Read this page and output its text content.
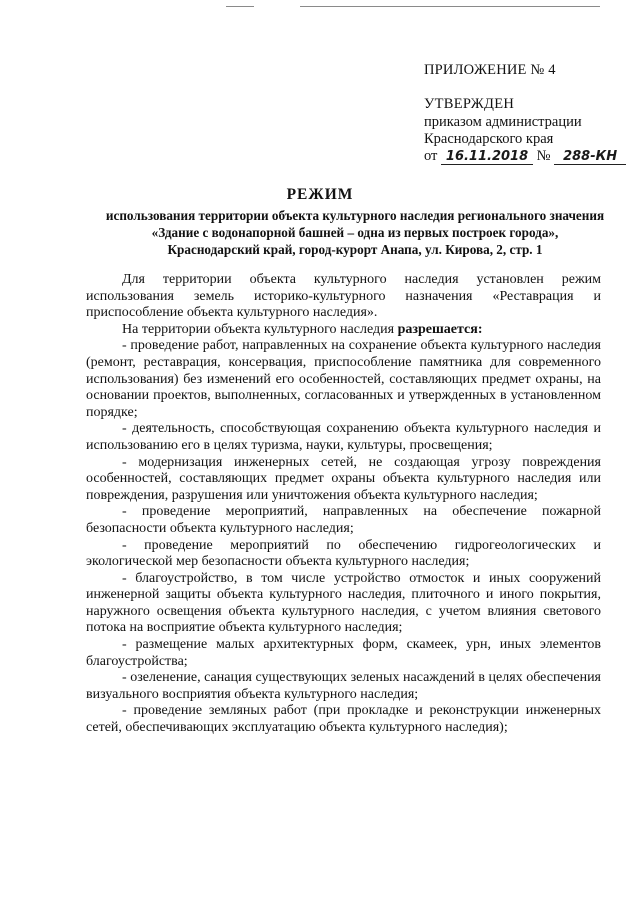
ПРИЛОЖЕНИЕ № 4
УТВЕРЖДЕН
приказом администрации
Краснодарского края
от 16.11.2018 № 288-КН
РЕЖИМ
использования территории объекта культурного наследия регионального значения «Здание с водонапорной башней – одна из первых построек города», Краснодарский край, город-курорт Анапа, ул. Кирова, 2, стр. 1

Для территории объекта культурного наследия установлен режим использования земель историко-культурного назначения «Реставрация и приспособление объекта культурного наследия».

На территории объекта культурного наследия разрешается:

- проведение работ, направленных на сохранение объекта культурного наследия (ремонт, реставрация, консервация, приспособление памятника для современного использования) без изменений его особенностей, составляющих предмет охраны, на основании проектов, выполненных, согласованных и утвержденных в установленном порядке;

- деятельность, способствующая сохранению объекта культурного наследия и использованию его в целях туризма, науки, культуры, просвещения;

- модернизация инженерных сетей, не создающая угрозу повреждения особенностей, составляющих предмет охраны объекта культурного наследия или повреждения, разрушения или уничтожения объекта культурного наследия;

- проведение мероприятий, направленных на обеспечение пожарной безопасности объекта культурного наследия;

- проведение мероприятий по обеспечению гидрогеологических и экологической мер безопасности объекта культурного наследия;

- благоустройство, в том числе устройство отмосток и иных сооружений инженерной защиты объекта культурного наследия, плиточного и иного покрытия, наружного освещения объекта культурного наследия, с учетом влияния светового потока на восприятие объекта культурного наследия;

- размещение малых архитектурных форм, скамеек, урн, иных элементов благоустройства;

- озеленение, санация существующих зеленых насаждений в целях обеспечения визуального восприятия объекта культурного наследия;

- проведение земляных работ (при прокладке и реконструкции инженерных сетей, обеспечивающих эксплуатацию объекта культурного наследия);
